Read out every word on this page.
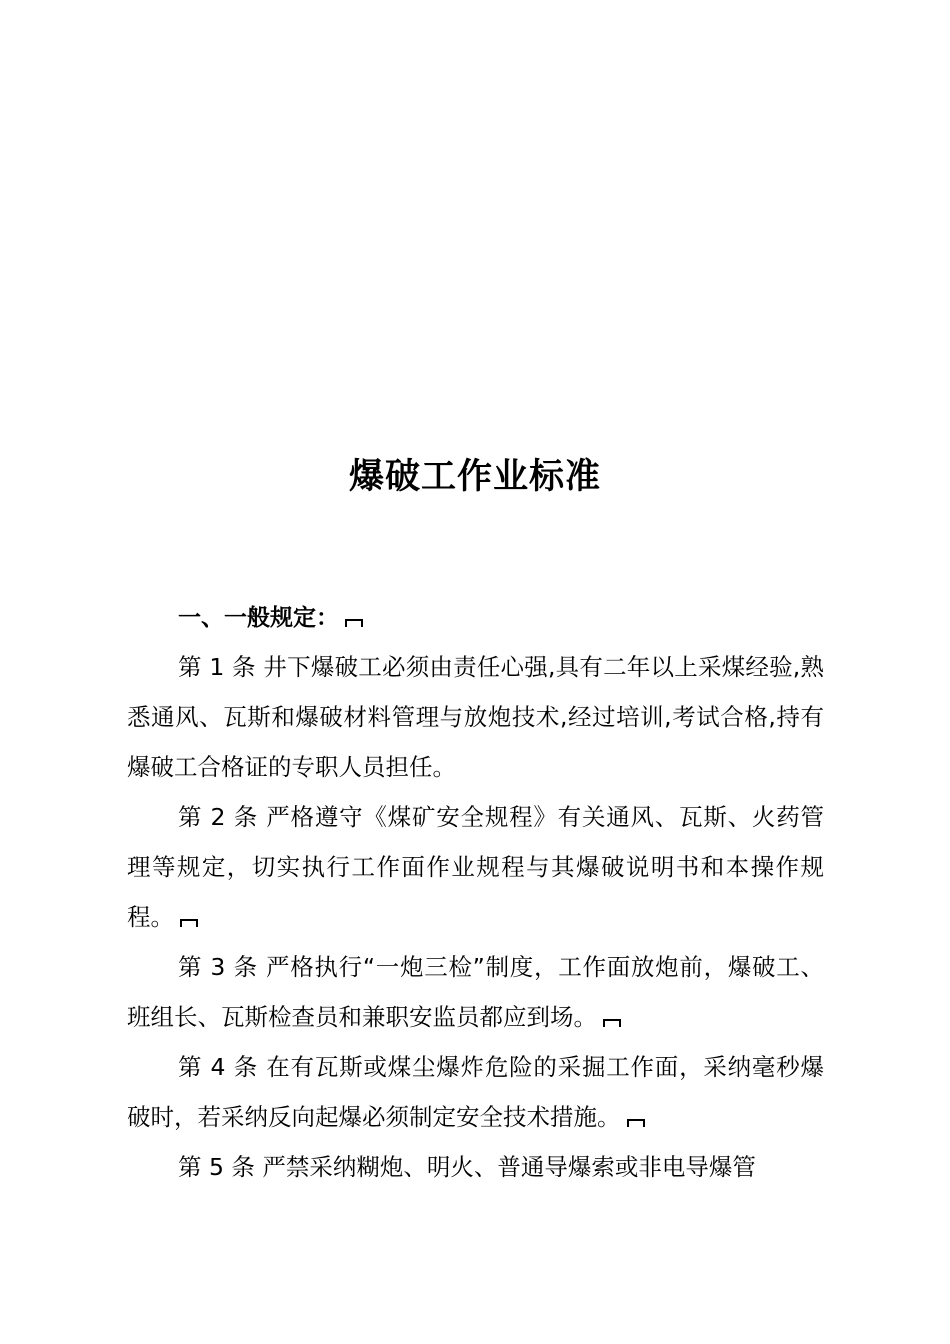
爆破工作业标准
一、一般规定：

第 1 条 井下爆破工必须由责任心强,具有二年以上采煤经验,熟悉通风、瓦斯和爆破材料管理与放炮技术,经过培训,考试合格,持有爆破工合格证的专职人员担任。

第 2 条 严格遵守《煤矿安全规程》有关通风、瓦斯、火药管理等规定，切实执行工作面作业规程与其爆破说明书和本操作规程。

第 3 条 严格执行“一炮三检”制度，工作面放炮前，爆破工、班组长、瓦斯检查员和兼职安监员都应到场。

第 4 条 在有瓦斯或煤尘爆炸危险的采掘工作面，采纳毫秒爆破时，若采纳反向起爆必须制定安全技术措施。

第 5 条 严禁采纳糊炮、明火、普通导爆索或非电导爆管
